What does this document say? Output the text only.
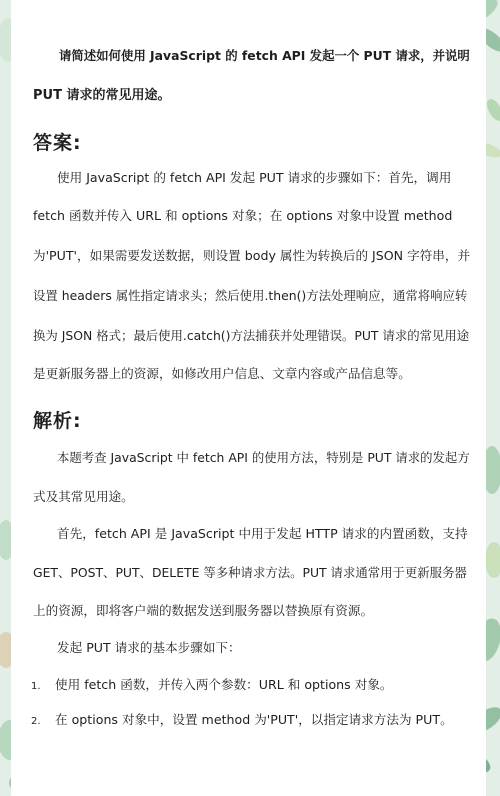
请简述如何使用 JavaScript 的 fetch API 发起一个 PUT 请求，并说明
PUT 请求的常见用途。
答案:
使用 JavaScript 的 fetch API 发起 PUT 请求的步骤如下：首先，调用
fetch 函数并传入 URL 和 options 对象；在 options 对象中设置 method
为'PUT'，如果需要发送数据，则设置 body 属性为转换后的 JSON 字符串，并
设置 headers 属性指定请求头；然后使用.then()方法处理响应，通常将响应转
换为 JSON 格式；最后使用.catch()方法捕获并处理错误。PUT 请求的常见用途
是更新服务器上的资源，如修改用户信息、文章内容或产品信息等。
解析:
本题考查 JavaScript 中 fetch API 的使用方法，特别是 PUT 请求的发起方
式及其常见用途。
首先，fetch API 是 JavaScript 中用于发起 HTTP 请求的内置函数，支持
GET、POST、PUT、DELETE 等多种请求方法。PUT 请求通常用于更新服务器
上的资源，即将客户端的数据发送到服务器以替换原有资源。
发起 PUT 请求的基本步骤如下：
1. 使用 fetch 函数，并传入两个参数：URL 和 options 对象。
2. 在 options 对象中，设置 method 为'PUT'，以指定请求方法为 PUT。
